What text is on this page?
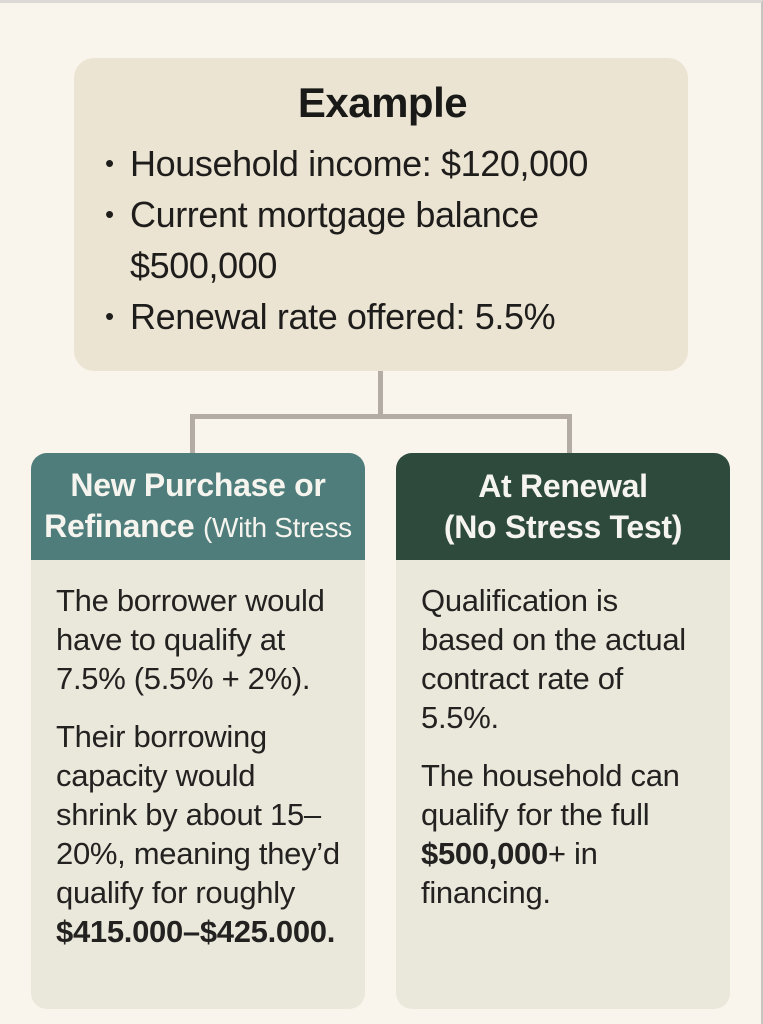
Example
• Household income: $120,000
• Current mortgage balance
$500,000
• Renewal rate offered: 5.5%
New Purchase or
Refinance (With Stress

The borrower would have to qualify at 7.5% (5.5% + 2%).

Their borrowing capacity would shrink by about 15–20%, meaning they’d qualify for roughly $415.000–$425.000.

At Renewal
(No Stress Test)

Qualification is based on the actual contract rate of 5.5%.

The household can qualify for the full $500,000+ in financing.
